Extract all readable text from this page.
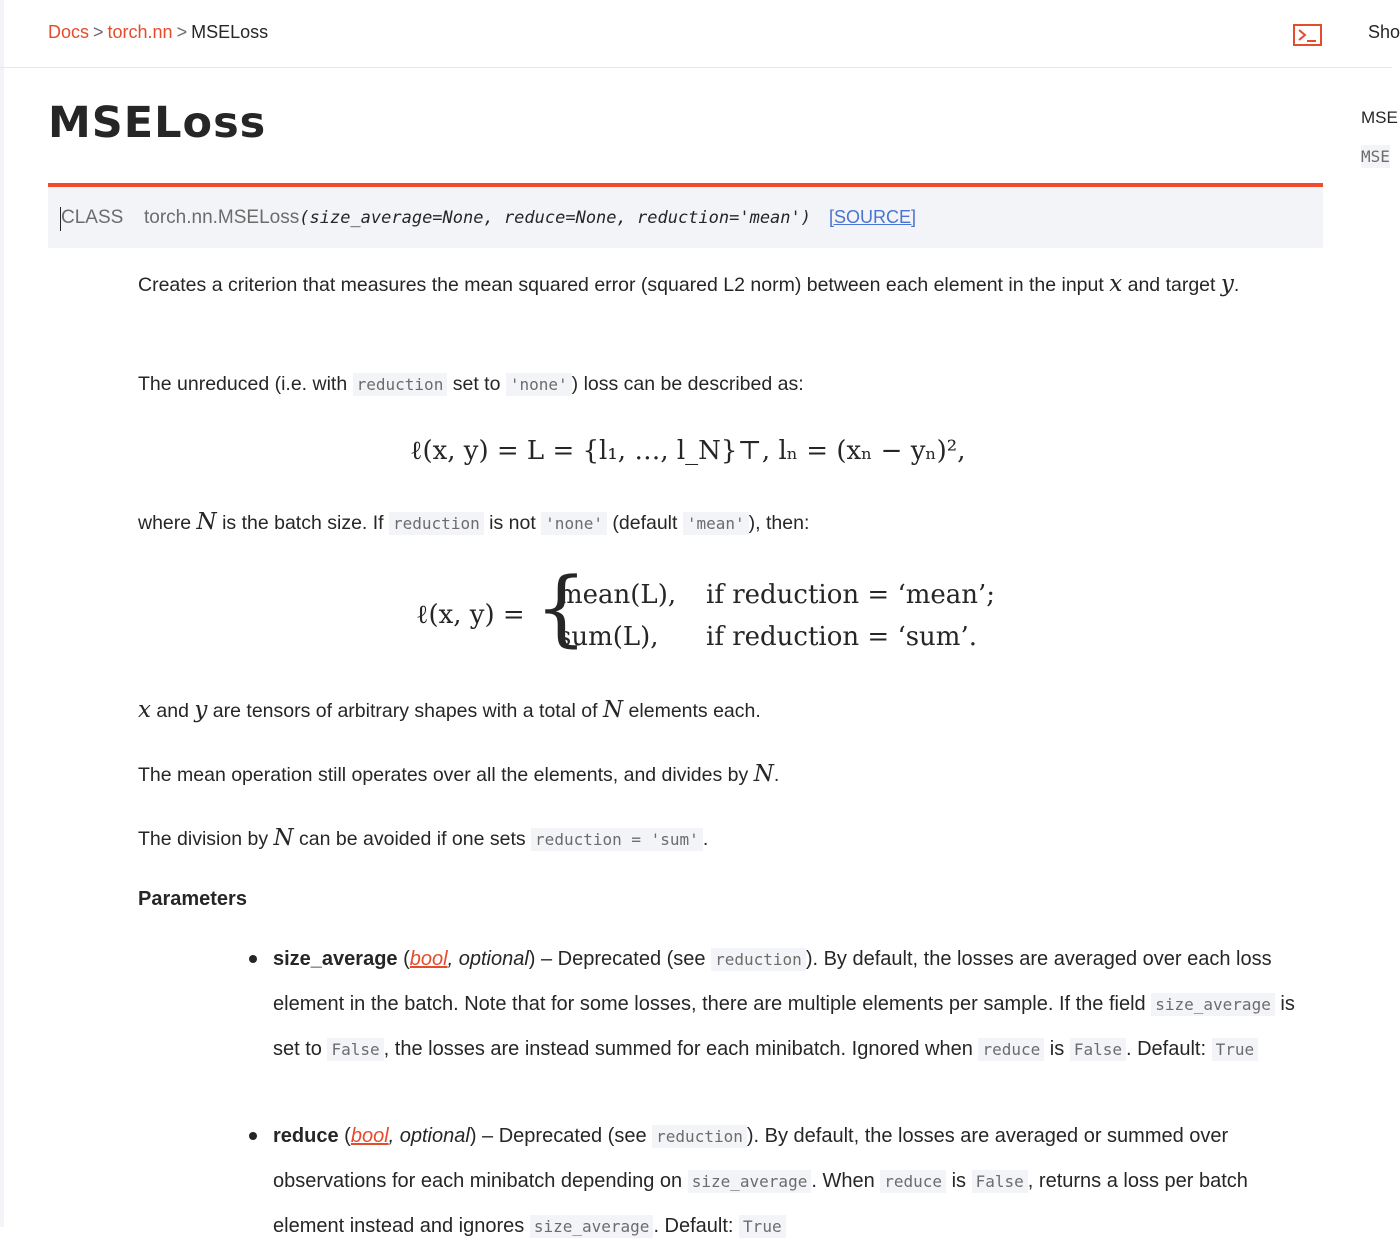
Docs > torch.nn > MSELoss	Sho
MSE
MSE
MSELoss
CLASS torch.nn.MSELoss(size_average=None, reduce=None, reduction='mean') [SOURCE]
Creates a criterion that measures the mean squared error (squared L2 norm) between each element in the input x and target y.
The unreduced (i.e. with reduction set to 'none' ) loss can be described as:
ℓ(x, y) = L = {l₁, …, l_N}⊤, lₙ = (xₙ − yₙ)²,
where N is the batch size. If reduction is not 'none' (default 'mean' ), then:
ℓ(x, y) = {
mean(L), if reduction = ‘mean’;
sum(L), if reduction = ‘sum’.
x and y are tensors of arbitrary shapes with a total of N elements each.
The mean operation still operates over all the elements, and divides by N.
The division by N can be avoided if one sets reduction = 'sum' .
Parameters
size_average (bool, optional) – Deprecated (see reduction ). By default, the losses are averaged over each loss element in the batch. Note that for some losses, there are multiple elements per sample. If the field size_average is set to False , the losses are instead summed for each minibatch. Ignored when reduce is False . Default: True
reduce (bool, optional) – Deprecated (see reduction ). By default, the losses are averaged or summed over observations for each minibatch depending on size_average . When reduce is False , returns a loss per batch element instead and ignores size_average . Default: True
